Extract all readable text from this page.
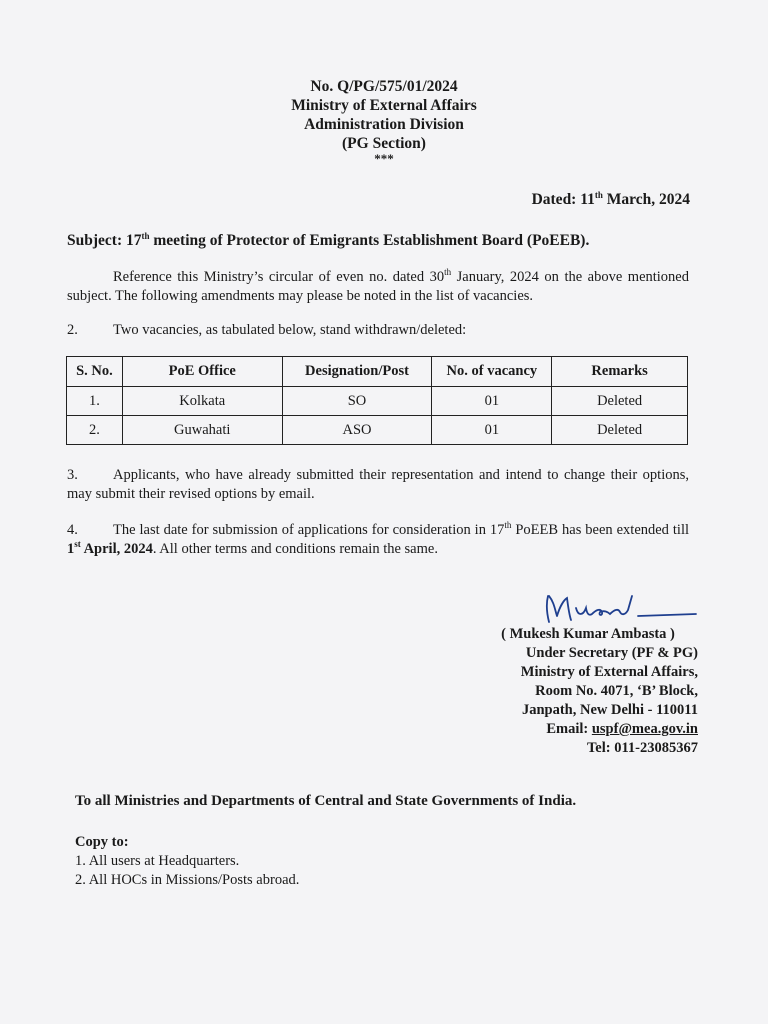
No. Q/PG/575/01/2024
Ministry of External Affairs
Administration Division
(PG Section)
***
Dated: 11th March, 2024
Subject: 17th meeting of Protector of Emigrants Establishment Board (PoEEB).
Reference this Ministry’s circular of even no. dated 30th January, 2024 on the above mentioned subject. The following amendments may please be noted in the list of vacancies.
2. Two vacancies, as tabulated below, stand withdrawn/deleted:
S. No.	PoE Office	Designation/Post	No. of vacancy	Remarks
1.	Kolkata	SO	01	Deleted
2.	Guwahati	ASO	01	Deleted
3. Applicants, who have already submitted their representation and intend to change their options, may submit their revised options by email.
4. The last date for submission of applications for consideration in 17th PoEEB has been extended till 1st April, 2024. All other terms and conditions remain the same.
( Mukesh Kumar Ambasta )
Under Secretary (PF & PG)
Ministry of External Affairs,
Room No. 4071, ‘B’ Block,
Janpath, New Delhi - 110011
Email: uspf@mea.gov.in
Tel: 011-23085367
To all Ministries and Departments of Central and State Governments of India.
Copy to:
1. All users at Headquarters.
2. All HOCs in Missions/Posts abroad.
